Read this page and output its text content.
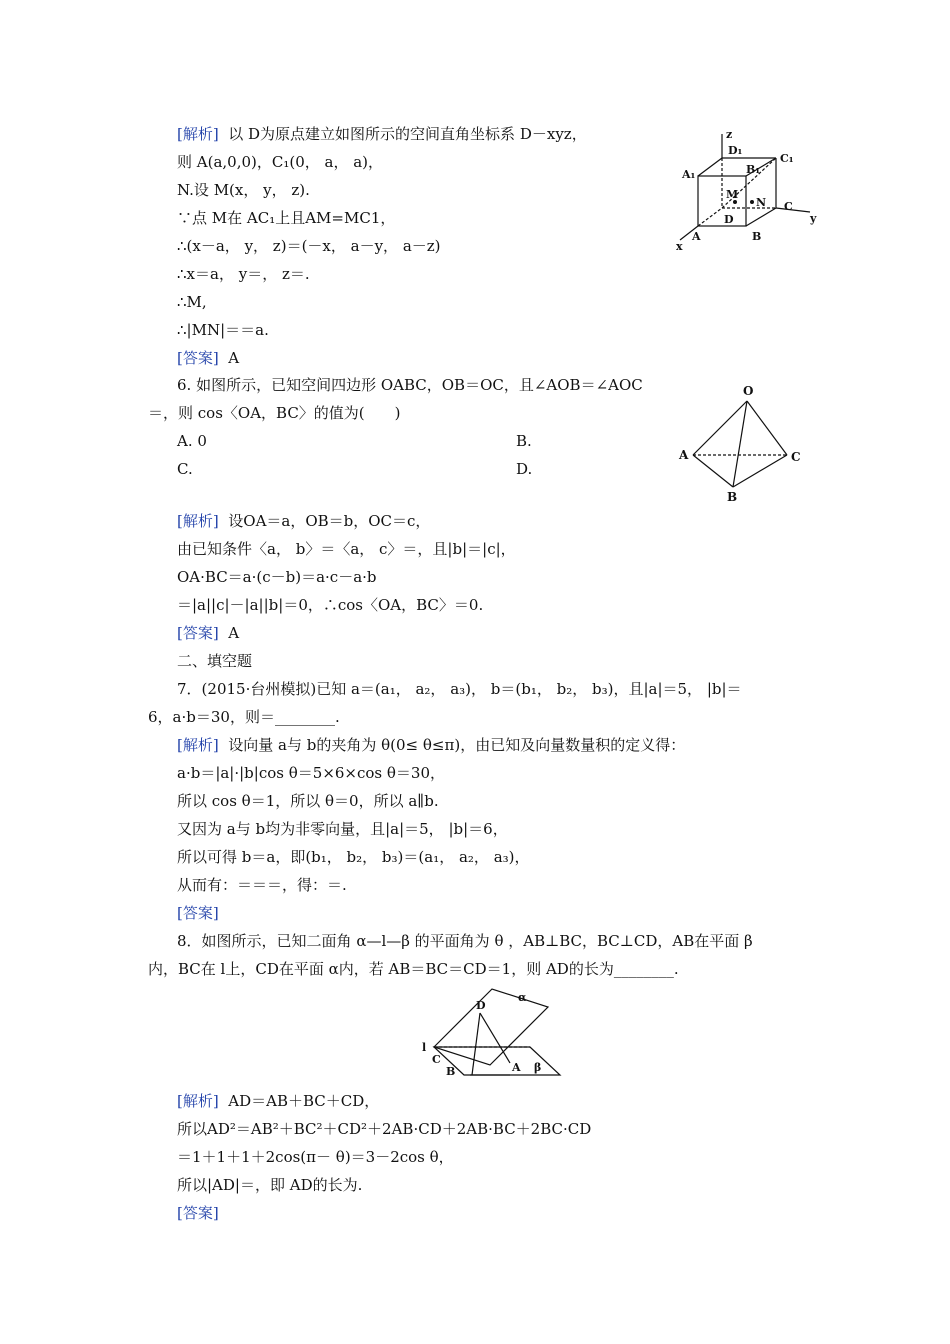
[解析] 以 D为原点建立如图所示的空间直角坐标系 D－xyz，
则 A(a,0,0)，C₁(0， a， a)，
N.设 M(x， y， z).
∵点 M在 AC₁上且AM=MC1，
∴(x－a， y， z)＝(－x， a－y， a－z)
∴x＝a， y＝， z＝.
∴M,
∴|MN|＝＝a.
[答案] A
z
D₁
C₁
B₁
A₁
M
N
D
C
y
A	B
x
6. 如图所示，已知空间四边形 OABC，OB＝OC，且∠AOB＝∠AOC
＝，则 cos〈OA，BC〉的值为(　　)
A. 0	B.
C.	D.
O
A	C
B
[解析] 设OA＝a，OB＝b，OC＝c，
由已知条件〈a， b〉＝〈a， c〉＝，且|b|＝|c|，
OA·BC＝a·(c－b)＝a·c－a·b
＝|a||c|－|a||b|＝0，∴cos〈OA，BC〉＝0.
[答案] A
二、填空题
7．(2015·台州模拟)已知 a＝(a₁， a₂， a₃)， b＝(b₁， b₂， b₃)，且|a|＝5， |b|＝
6，a·b＝30，则＝________.
[解析] 设向量 a与 b的夹角为 θ(0≤ θ≤π)，由已知及向量数量积的定义得：
a·b＝|a|·|b|cos θ＝5×6×cos θ＝30，
所以 cos θ＝1，所以 θ＝0，所以 a∥b.
又因为 a与 b均为非零向量，且|a|＝5， |b|＝6，
所以可得 b＝a，即(b₁， b₂， b₃)＝(a₁， a₂， a₃)，
从而有：＝＝＝，得：＝.
[答案]
8．如图所示，已知二面角 α—l—β 的平面角为 θ ，AB⊥BC，BC⊥CD，AB在平面 β
内，BC在 l上，CD在平面 α内，若 AB＝BC＝CD＝1，则 AD的长为________.
α
D
l
C
B	A β
[解析] AD＝AB＋BC＋CD，
所以AD²＝AB²＋BC²＋CD²＋2AB·CD＋2AB·BC＋2BC·CD
＝1＋1＋1＋2cos(π－ θ)＝3－2cos θ，
所以|AD|＝，即 AD的长为.
[答案]
